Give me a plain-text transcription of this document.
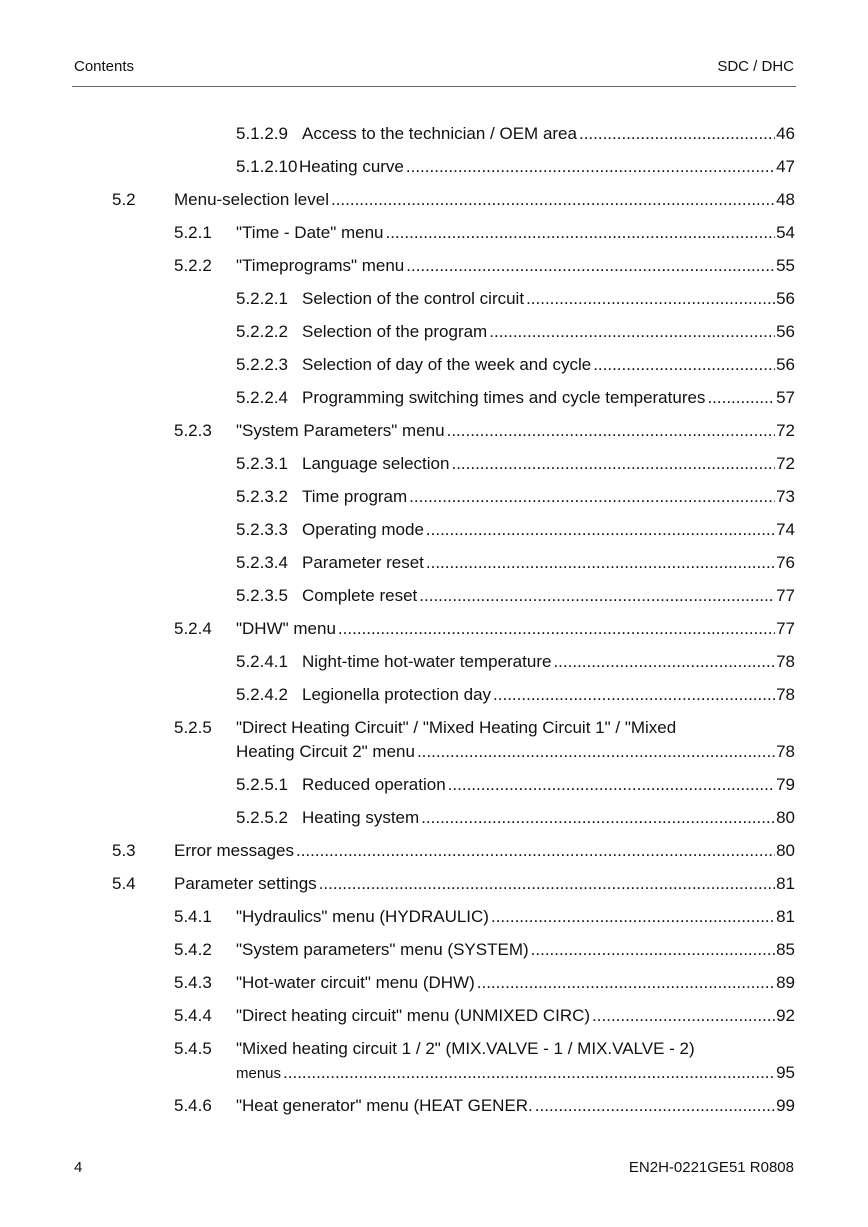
Contents	SDC / DHC
5.1.2.9 Access to the technician / OEM area .....	46
5.1.2.10 Heating curve .....	47
5.2 Menu-selection level .....	48
5.2.1 "Time - Date" menu .....	54
5.2.2 "Timeprograms" menu .....	55
5.2.2.1 Selection of the control circuit .....	56
5.2.2.2 Selection of the program .....	56
5.2.2.3 Selection of day of the week and cycle .....	56
5.2.2.4 Programming switching times and cycle temperatures .....	57
5.2.3 "System Parameters" menu .....	72
5.2.3.1 Language selection .....	72
5.2.3.2 Time program .....	73
5.2.3.3 Operating mode .....	74
5.2.3.4 Parameter reset .....	76
5.2.3.5 Complete reset .....	77
5.2.4 "DHW" menu .....	77
5.2.4.1 Night-time hot-water temperature .....	78
5.2.4.2 Legionella protection day .....	78
5.2.5 "Direct Heating Circuit" / "Mixed Heating Circuit 1" / "Mixed
Heating Circuit 2" menu .....	78
5.2.5.1 Reduced operation .....	79
5.2.5.2 Heating system .....	80
5.3 Error messages .....	80
5.4 Parameter settings .....	81
5.4.1 "Hydraulics" menu (HYDRAULIC) .....	81
5.4.2 "System parameters" menu (SYSTEM) .....	85
5.4.3 "Hot-water circuit" menu (DHW) .....	89
5.4.4 "Direct heating circuit" menu (UNMIXED CIRC) .....	92
5.4.5 "Mixed heating circuit 1 / 2" (MIX.VALVE - 1 / MIX.VALVE - 2)
menus .....	95
5.4.6 "Heat generator" menu (HEAT GENER. .....	99
4	EN2H-0221GE51 R0808
